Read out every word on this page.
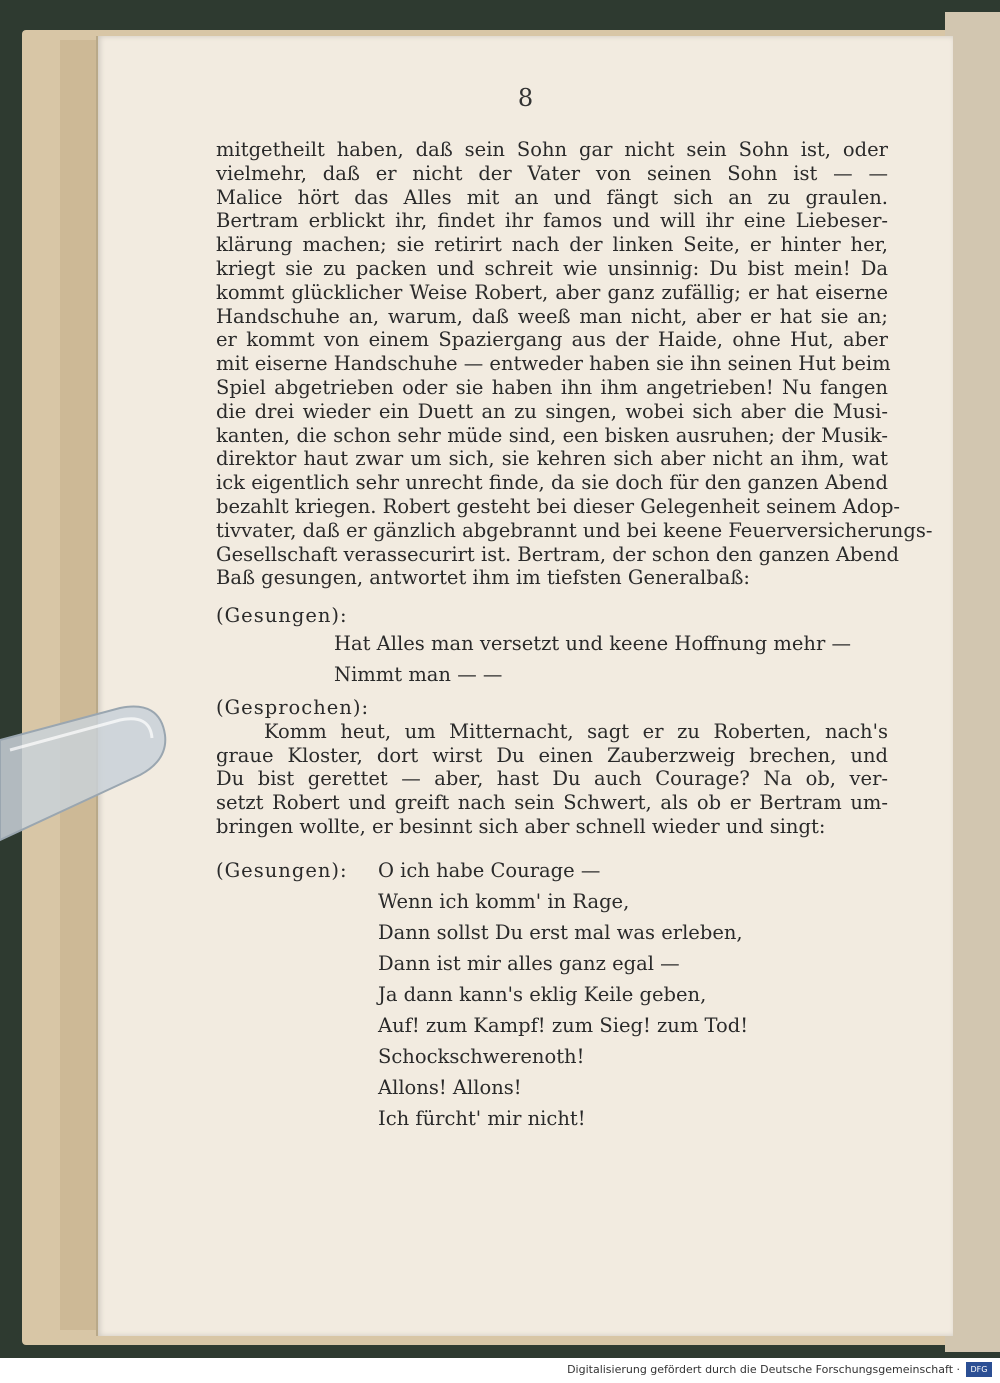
8

mitgetheilt haben, daß sein Sohn gar nicht sein Sohn ist, oder

vielmehr, daß er nicht der Vater von seinen Sohn ist — —

Malice hört das Alles mit an und fängt sich an zu graulen.

Bertram erblickt ihr, findet ihr famos und will ihr eine Liebeser-

klärung machen; sie retirirt nach der linken Seite, er hinter her,

kriegt sie zu packen und schreit wie unsinnig: Du bist mein! Da

kommt glücklicher Weise Robert, aber ganz zufällig; er hat eiserne

Handschuhe an, warum, daß weeß man nicht, aber er hat sie an;

er kommt von einem Spaziergang aus der Haide, ohne Hut, aber

mit eiserne Handschuhe — entweder haben sie ihn seinen Hut beim

Spiel abgetrieben oder sie haben ihn ihm angetrieben! Nu fangen

die drei wieder ein Duett an zu singen, wobei sich aber die Musi-

kanten, die schon sehr müde sind, een bisken ausruhen; der Musik-

direktor haut zwar um sich, sie kehren sich aber nicht an ihm, wat

ick eigentlich sehr unrecht finde, da sie doch für den ganzen Abend

bezahlt kriegen. Robert gesteht bei dieser Gelegenheit seinem Adop-

tivvater, daß er gänzlich abgebrannt und bei keene Feuerversicherungs-

Gesellschaft verassecurirt ist. Bertram, der schon den ganzen Abend

Baß gesungen, antwortet ihm im tiefsten Generalbaß:

(Gesungen):
Hat Alles man versetzt und keene Hoffnung mehr —
Nimmt man — —
(Gesprochen):

Komm heut, um Mitternacht, sagt er zu Roberten, nach's

graue Kloster, dort wirst Du einen Zauberzweig brechen, und

Du bist gerettet — aber, hast Du auch Courage? Na ob, ver-

setzt Robert und greift nach sein Schwert, als ob er Bertram um-

bringen wollte, er besinnt sich aber schnell wieder und singt:

(Gesungen): O ich habe Courage —
Wenn ich komm' in Rage,
Dann sollst Du erst mal was erleben,
Dann ist mir alles ganz egal —
Ja dann kann's eklig Keile geben,
Auf! zum Kampf! zum Sieg! zum Tod!
Schockschwerenoth!
Allons! Allons!
Ich fürcht' mir nicht!
Digitalisierung gefördert durch die Deutsche Forschungsgemeinschaft ·	DFG
